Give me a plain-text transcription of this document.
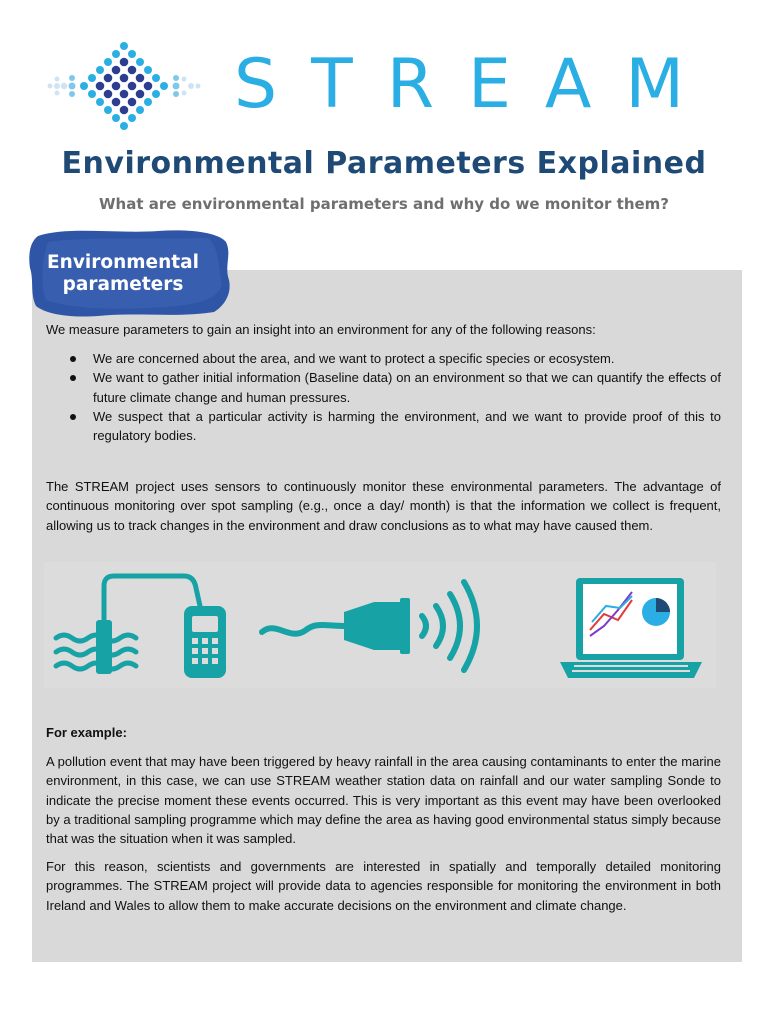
STREAM
Environmental Parameters Explained
What are environmental parameters and why do we monitor them?
Environmental
parameters
We measure parameters to gain an insight into an environment for any of the following reasons:
We are concerned about the area, and we want to protect a specific species or ecosystem.
We want to gather initial information (Baseline data) on an environment so that we can quantify the effects of future climate change and human pressures.
We suspect that a particular activity is harming the environment, and we want to provide proof of this to regulatory bodies.
The STREAM project uses sensors to continuously monitor these environmental parameters. The advantage of continuous monitoring over spot sampling (e.g., once a day/ month) is that the information we collect is frequent, allowing us to track changes in the environment and draw conclusions as to what may have caused them.
For example:
A pollution event that may have been triggered by heavy rainfall in the area causing contaminants to enter the marine environment, in this case, we can use STREAM weather station data on rainfall and our water sampling Sonde to indicate the precise moment these events occurred. This is very important as this event may have been overlooked by a traditional sampling programme which may define the area as having good environmental status simply because that was the situation when it was sampled.
For this reason, scientists and governments are interested in spatially and temporally detailed monitoring programmes. The STREAM project will provide data to agencies responsible for monitoring the environment in both Ireland and Wales to allow them to make accurate decisions on the environment and climate change.
